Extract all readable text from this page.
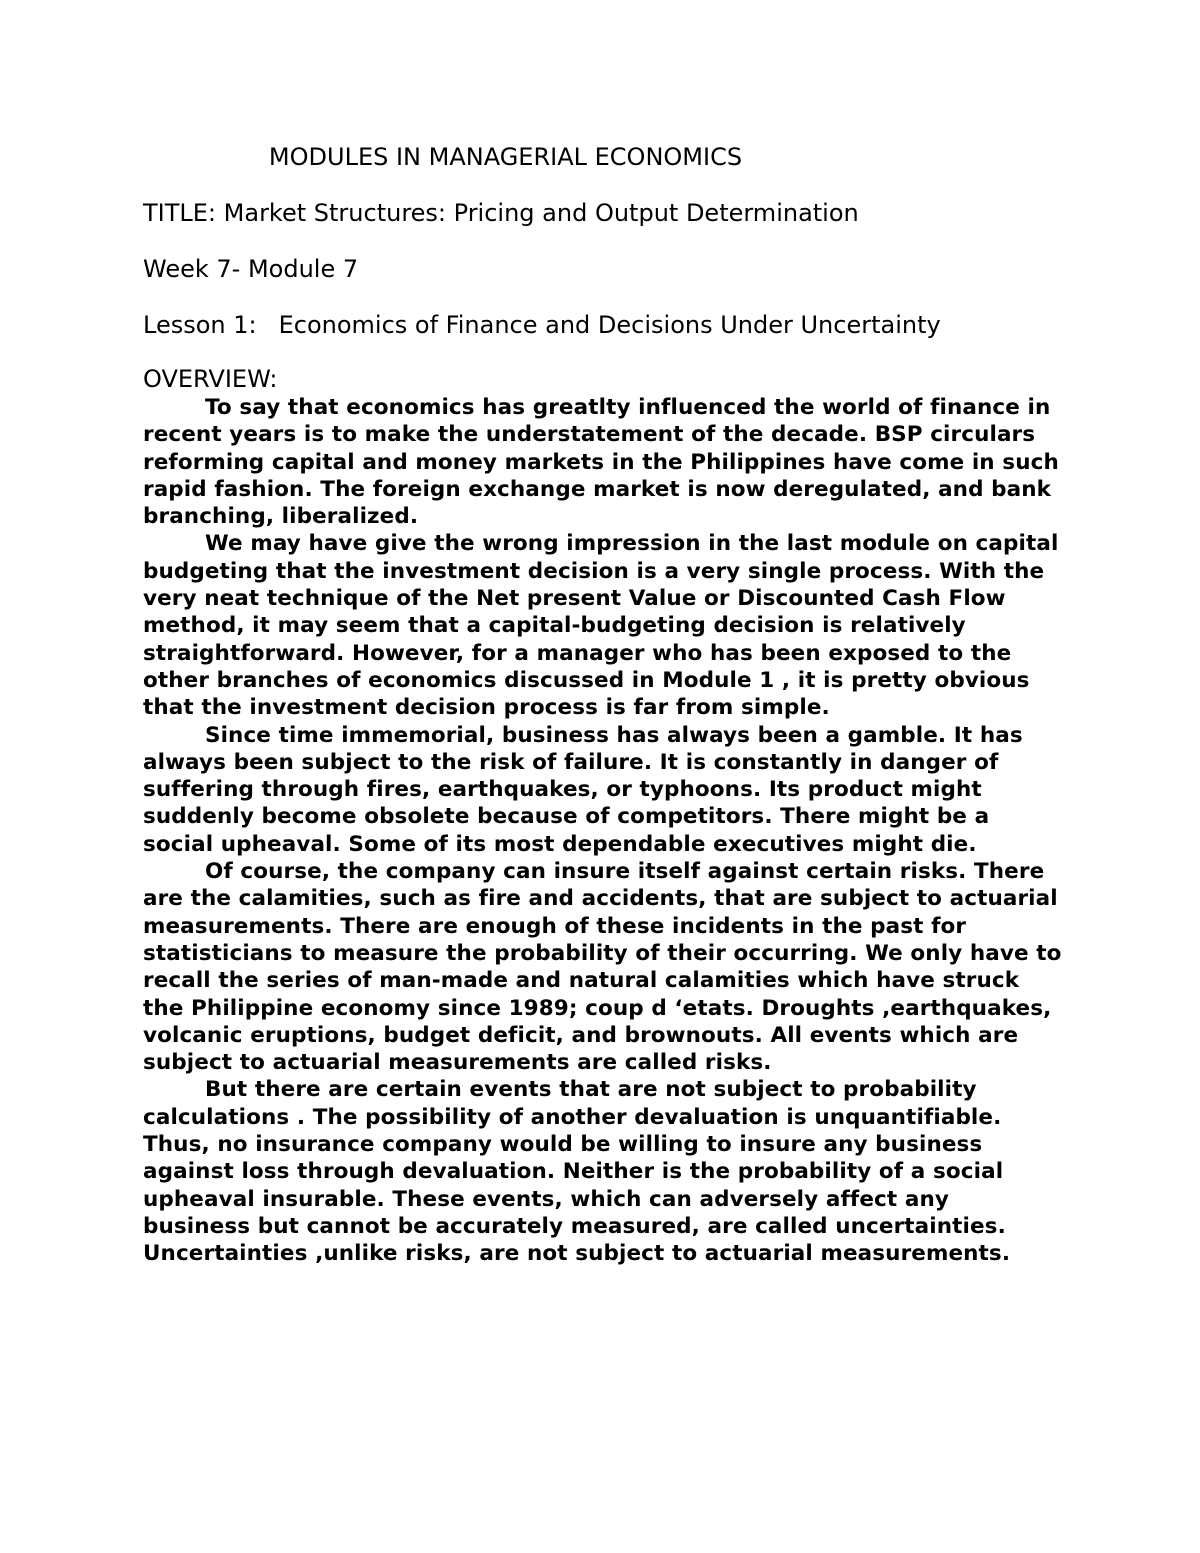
MODULES IN MANAGERIAL ECONOMICS
TITLE: Market Structures: Pricing and Output Determination
Week 7- Module 7
Lesson 1: Economics of Finance and Decisions Under Uncertainty
OVERVIEW:

To say that economics has greatlty influenced the world of finance in recent years is to make the understatement of the decade. BSP circulars reforming capital and money markets in the Philippines have come in such rapid fashion. The foreign exchange market is now deregulated, and bank branching, liberalized.

We may have give the wrong impression in the last module on capital budgeting that the investment decision is a very single process. With the very neat technique of the Net present Value or Discounted Cash Flow method, it may seem that a capital-budgeting decision is relatively straightforward. However, for a manager who has been exposed to the other branches of economics discussed in Module 1 , it is pretty obvious that the investment decision process is far from simple.

Since time immemorial, business has always been a gamble. It has always been subject to the risk of failure. It is constantly in danger of suffering through fires, earthquakes, or typhoons. Its product might suddenly become obsolete because of competitors. There might be a social upheaval. Some of its most dependable executives might die.

Of course, the company can insure itself against certain risks. There are the calamities, such as fire and accidents, that are subject to actuarial measurements. There are enough of these incidents in the past for statisticians to measure the probability of their occurring. We only have to recall the series of man-made and natural calamities which have struck the Philippine economy since 1989; coup d ‘etats. Droughts ,earthquakes, volcanic eruptions, budget deficit, and brownouts. All events which are subject to actuarial measurements are called risks.

But there are certain events that are not subject to probability calculations . The possibility of another devaluation is unquantifiable. Thus, no insurance company would be willing to insure any business against loss through devaluation. Neither is the probability of a social upheaval insurable. These events, which can adversely affect any business but cannot be accurately measured, are called uncertainties. Uncertainties ,unlike risks, are not subject to actuarial measurements.
